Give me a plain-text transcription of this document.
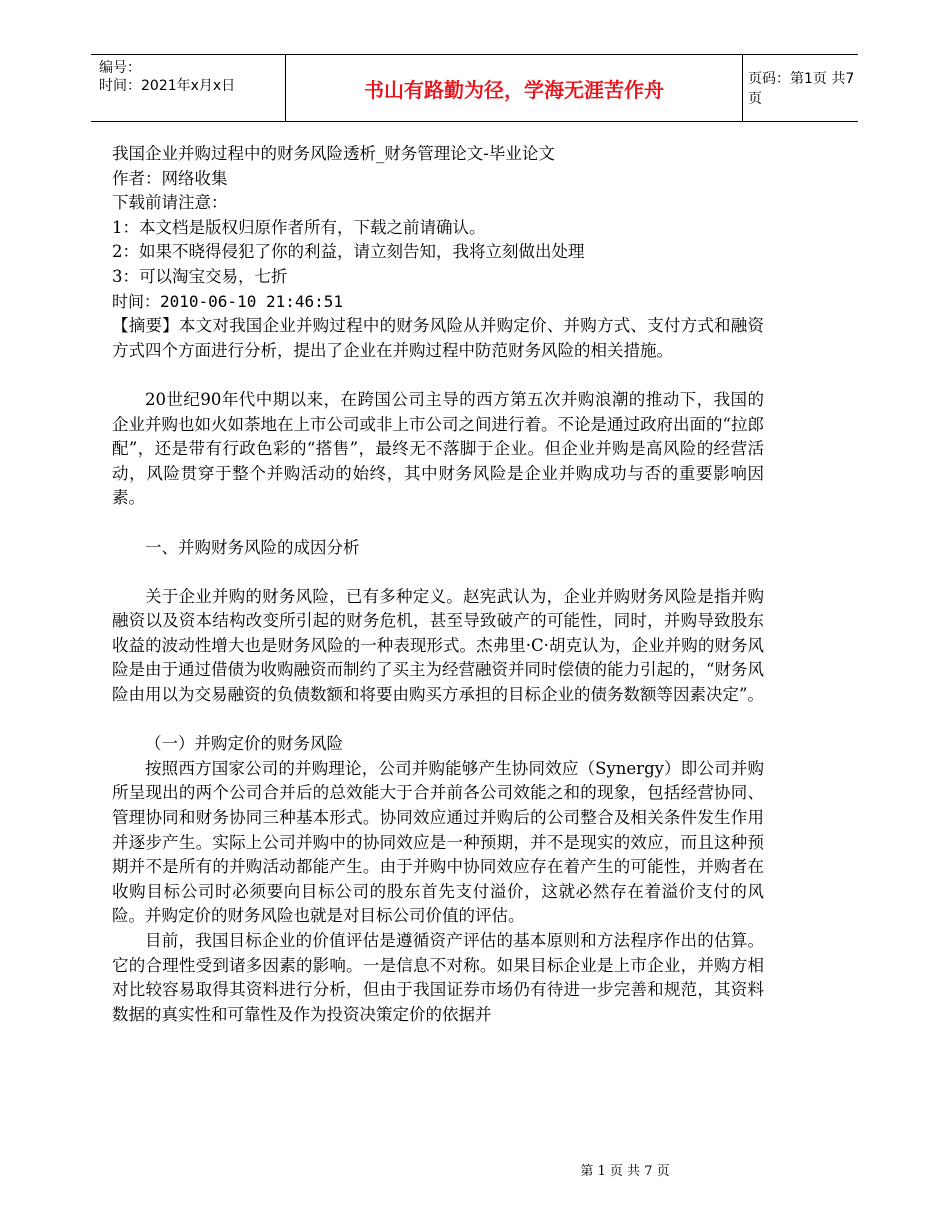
编号：
时间：2021年x月x日	书山有路勤为径，学海无涯苦作舟	页码：第1页 共7页

我国企业并购过程中的财务风险透析_财务管理论文-毕业论文

作者：网络收集

下载前请注意：

1：本文档是版权归原作者所有，下载之前请确认。

2：如果不晓得侵犯了你的利益，请立刻告知，我将立刻做出处理

3：可以淘宝交易，七折

时间：2010-06-10 21:46:51

【摘要】本文对我国企业并购过程中的财务风险从并购定价、并购方式、支付方式和融资方式四个方面进行分析，提出了企业在并购过程中防范财务风险的相关措施。

20世纪90年代中期以来，在跨国公司主导的西方第五次并购浪潮的推动下，我国的企业并购也如火如荼地在上市公司或非上市公司之间进行着。不论是通过政府出面的“拉郎配”，还是带有行政色彩的“搭售”，最终无不落脚于企业。但企业并购是高风险的经营活动，风险贯穿于整个并购活动的始终，其中财务风险是企业并购成功与否的重要影响因素。

一、并购财务风险的成因分析

关于企业并购的财务风险，已有多种定义。赵宪武认为，企业并购财务风险是指并购融资以及资本结构改变所引起的财务危机，甚至导致破产的可能性，同时，并购导致股东收益的波动性增大也是财务风险的一种表现形式。杰弗里·C·胡克认为，企业并购的财务风险是由于通过借债为收购融资而制约了买主为经营融资并同时偿债的能力引起的，“财务风险由用以为交易融资的负债数额和将要由购买方承担的目标企业的债务数额等因素决定”。

（一）并购定价的财务风险

按照西方国家公司的并购理论，公司并购能够产生协同效应（Synergy）即公司并购所呈现出的两个公司合并后的总效能大于合并前各公司效能之和的现象，包括经营协同、管理协同和财务协同三种基本形式。协同效应通过并购后的公司整合及相关条件发生作用并逐步产生。实际上公司并购中的协同效应是一种预期，并不是现实的效应，而且这种预期并不是所有的并购活动都能产生。由于并购中协同效应存在着产生的可能性，并购者在收购目标公司时必须要向目标公司的股东首先支付溢价，这就必然存在着溢价支付的风险。并购定价的财务风险也就是对目标公司价值的评估。

目前，我国目标企业的价值评估是遵循资产评估的基本原则和方法程序作出的估算。它的合理性受到诸多因素的影响。一是信息不对称。如果目标企业是上市企业，并购方相对比较容易取得其资料进行分析，但由于我国证券市场仍有待进一步完善和规范，其资料数据的真实性和可靠性及作为投资决策定价的依据并

第 1 页 共 7 页
